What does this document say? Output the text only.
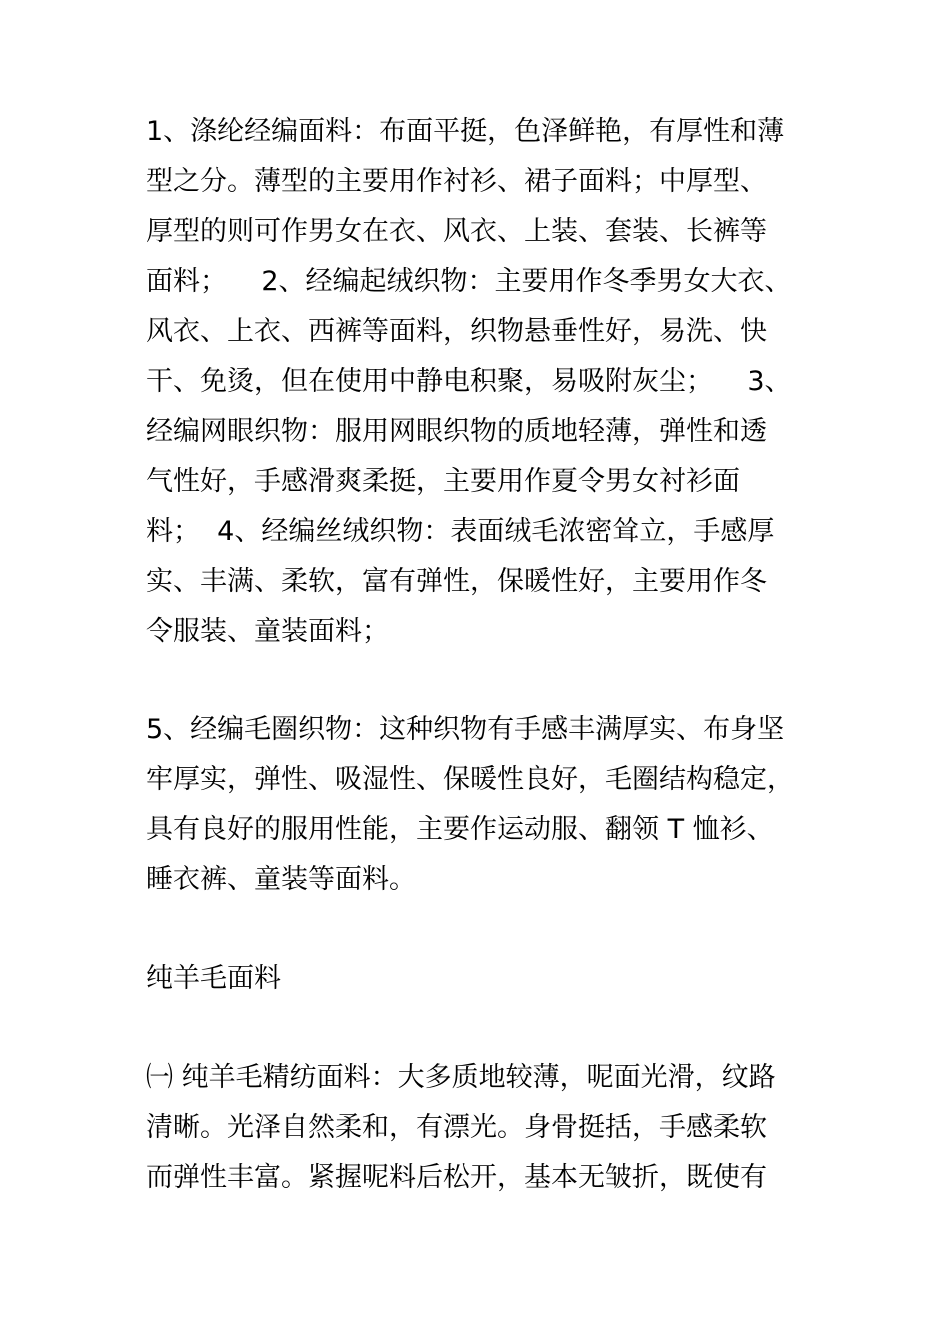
1、涤纶经编面料：布面平挺，色泽鲜艳，有厚性和薄
型之分。薄型的主要用作衬衫、裙子面料；中厚型、
厚型的则可作男女在衣、风衣、上装、套装、长裤等
面料；    2、经编起绒织物：主要用作冬季男女大衣、
风衣、上衣、西裤等面料，织物悬垂性好，易洗、快
干、免烫，但在使用中静电积聚，易吸附灰尘；    3、
经编网眼织物：服用网眼织物的质地轻薄，弹性和透
气性好，手感滑爽柔挺，主要用作夏令男女衬衫面
料；  4、经编丝绒织物：表面绒毛浓密耸立，手感厚
实、丰满、柔软，富有弹性，保暖性好，主要用作冬
令服装、童装面料；
5、经编毛圈织物：这种织物有手感丰满厚实、布身坚
牢厚实，弹性、吸湿性、保暖性良好，毛圈结构稳定，
具有良好的服用性能，主要作运动服、翻领 T 恤衫、
睡衣裤、童装等面料。
纯羊毛面料
㈠ 纯羊毛精纺面料：大多质地较薄，呢面光滑，纹路
清晰。光泽自然柔和，有漂光。身骨挺括，手感柔软
而弹性丰富。紧握呢料后松开，基本无皱折，既使有
